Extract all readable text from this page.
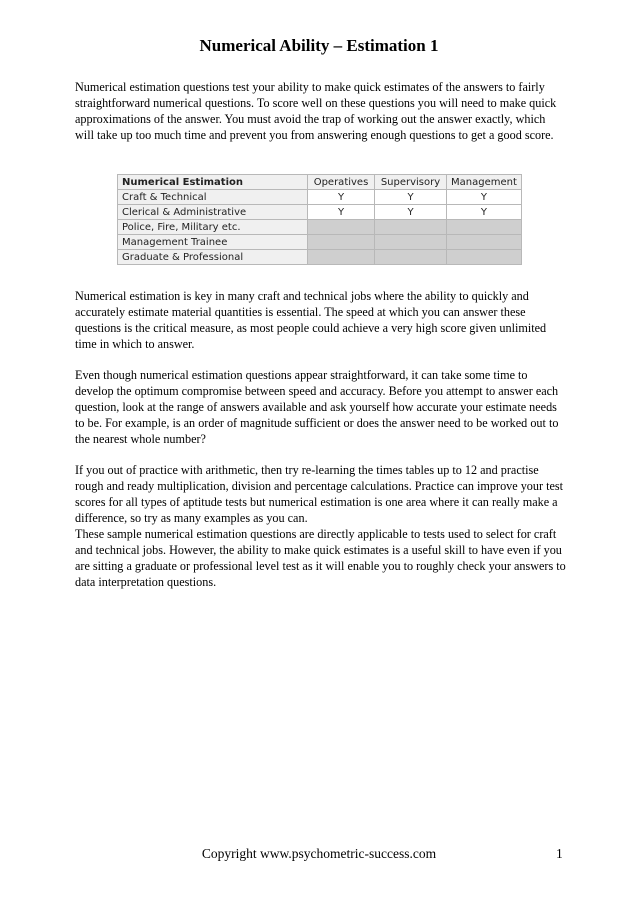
Numerical Ability – Estimation 1

Numerical estimation questions test your ability to make quick estimates of the answers to fairly straightforward numerical questions. To score well on these questions you will need to make quick approximations of the answer. You must avoid the trap of working out the answer exactly, which will take up too much time and prevent you from answering enough questions to get a good score.

Numerical Estimation	Operatives	Supervisory	Management
Craft & Technical	Y	Y	Y
Clerical & Administrative	Y	Y	Y
Police, Fire, Military etc.			
Management Trainee			
Graduate & Professional			

Numerical estimation is key in many craft and technical jobs where the ability to quickly and accurately estimate material quantities is essential. The speed at which you can answer these questions is the critical measure, as most people could achieve a very high score given unlimited time in which to answer.

Even though numerical estimation questions appear straightforward, it can take some time to develop the optimum compromise between speed and accuracy. Before you attempt to answer each question, look at the range of answers available and ask yourself how accurate your estimate needs to be. For example, is an order of magnitude sufficient or does the answer need to be worked out to the nearest whole number?

If you out of practice with arithmetic, then try re-learning the times tables up to 12 and practise rough and ready multiplication, division and percentage calculations. Practice can improve your test scores for all types of aptitude tests but numerical estimation is one area where it can really make a difference, so try as many examples as you can.

These sample numerical estimation questions are directly applicable to tests used to select for craft and technical jobs. However, the ability to make quick estimates is a useful skill to have even if you are sitting a graduate or professional level test as it will enable you to roughly check your answers to data interpretation questions.

Copyright www.psychometric-success.com	1
